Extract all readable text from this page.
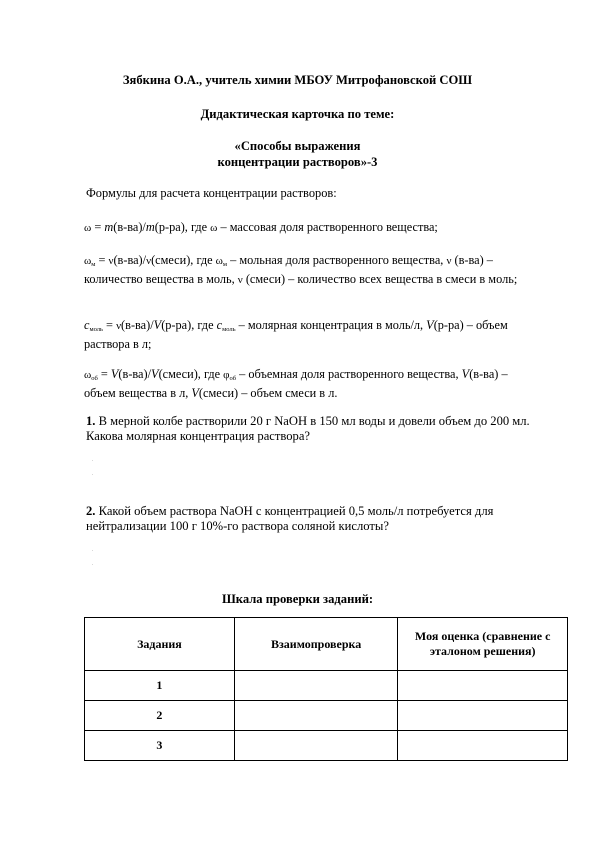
Зябкина О.А., учитель химии МБОУ Митрофановской СОШ
Дидактическая карточка по теме:
«Способы выражения
концентрации растворов»-3
Формулы для расчета концентрации растворов:
ω = m(в-ва)/m(р-ра), где ω – массовая доля растворенного вещества;
$\omega_м$ = ν(в-ва)/ν(смеси), где $\omega_м$ – мольная доля растворенного вещества, ν (в-ва) – количество вещества в моль, ν (смеси) – количество всех вещества в смеси в моль;
$c_{моль} = \nu(в-ва)/V(р-ра)$, где $c_{моль}$ – молярная концентрация в моль/л, V(р-ра) – объем раствора в л;
$\omega_{об}$ = V(в-ва)/V(смеси), где $\varphi_{об}$ – объемная доля растворенного вещества, V(в-ва) – объем вещества в л, V(смеси) – объем смеси в л.
1. В мерной колбе растворили 20 г NaOH в 150 мл воды и довели объем до 200 мл. Какова молярная концентрация раствора?
.
.
2. Какой объем раствора NaOH с концентрацией 0,5 моль/л потребуется для нейтрализации 100 г 10%-го раствора соляной кислоты?
.
.
Шкала проверки заданий:
Задания	Взаимопроверка	Моя оценка (сравнение с эталоном решения)
1		
2		
3		
